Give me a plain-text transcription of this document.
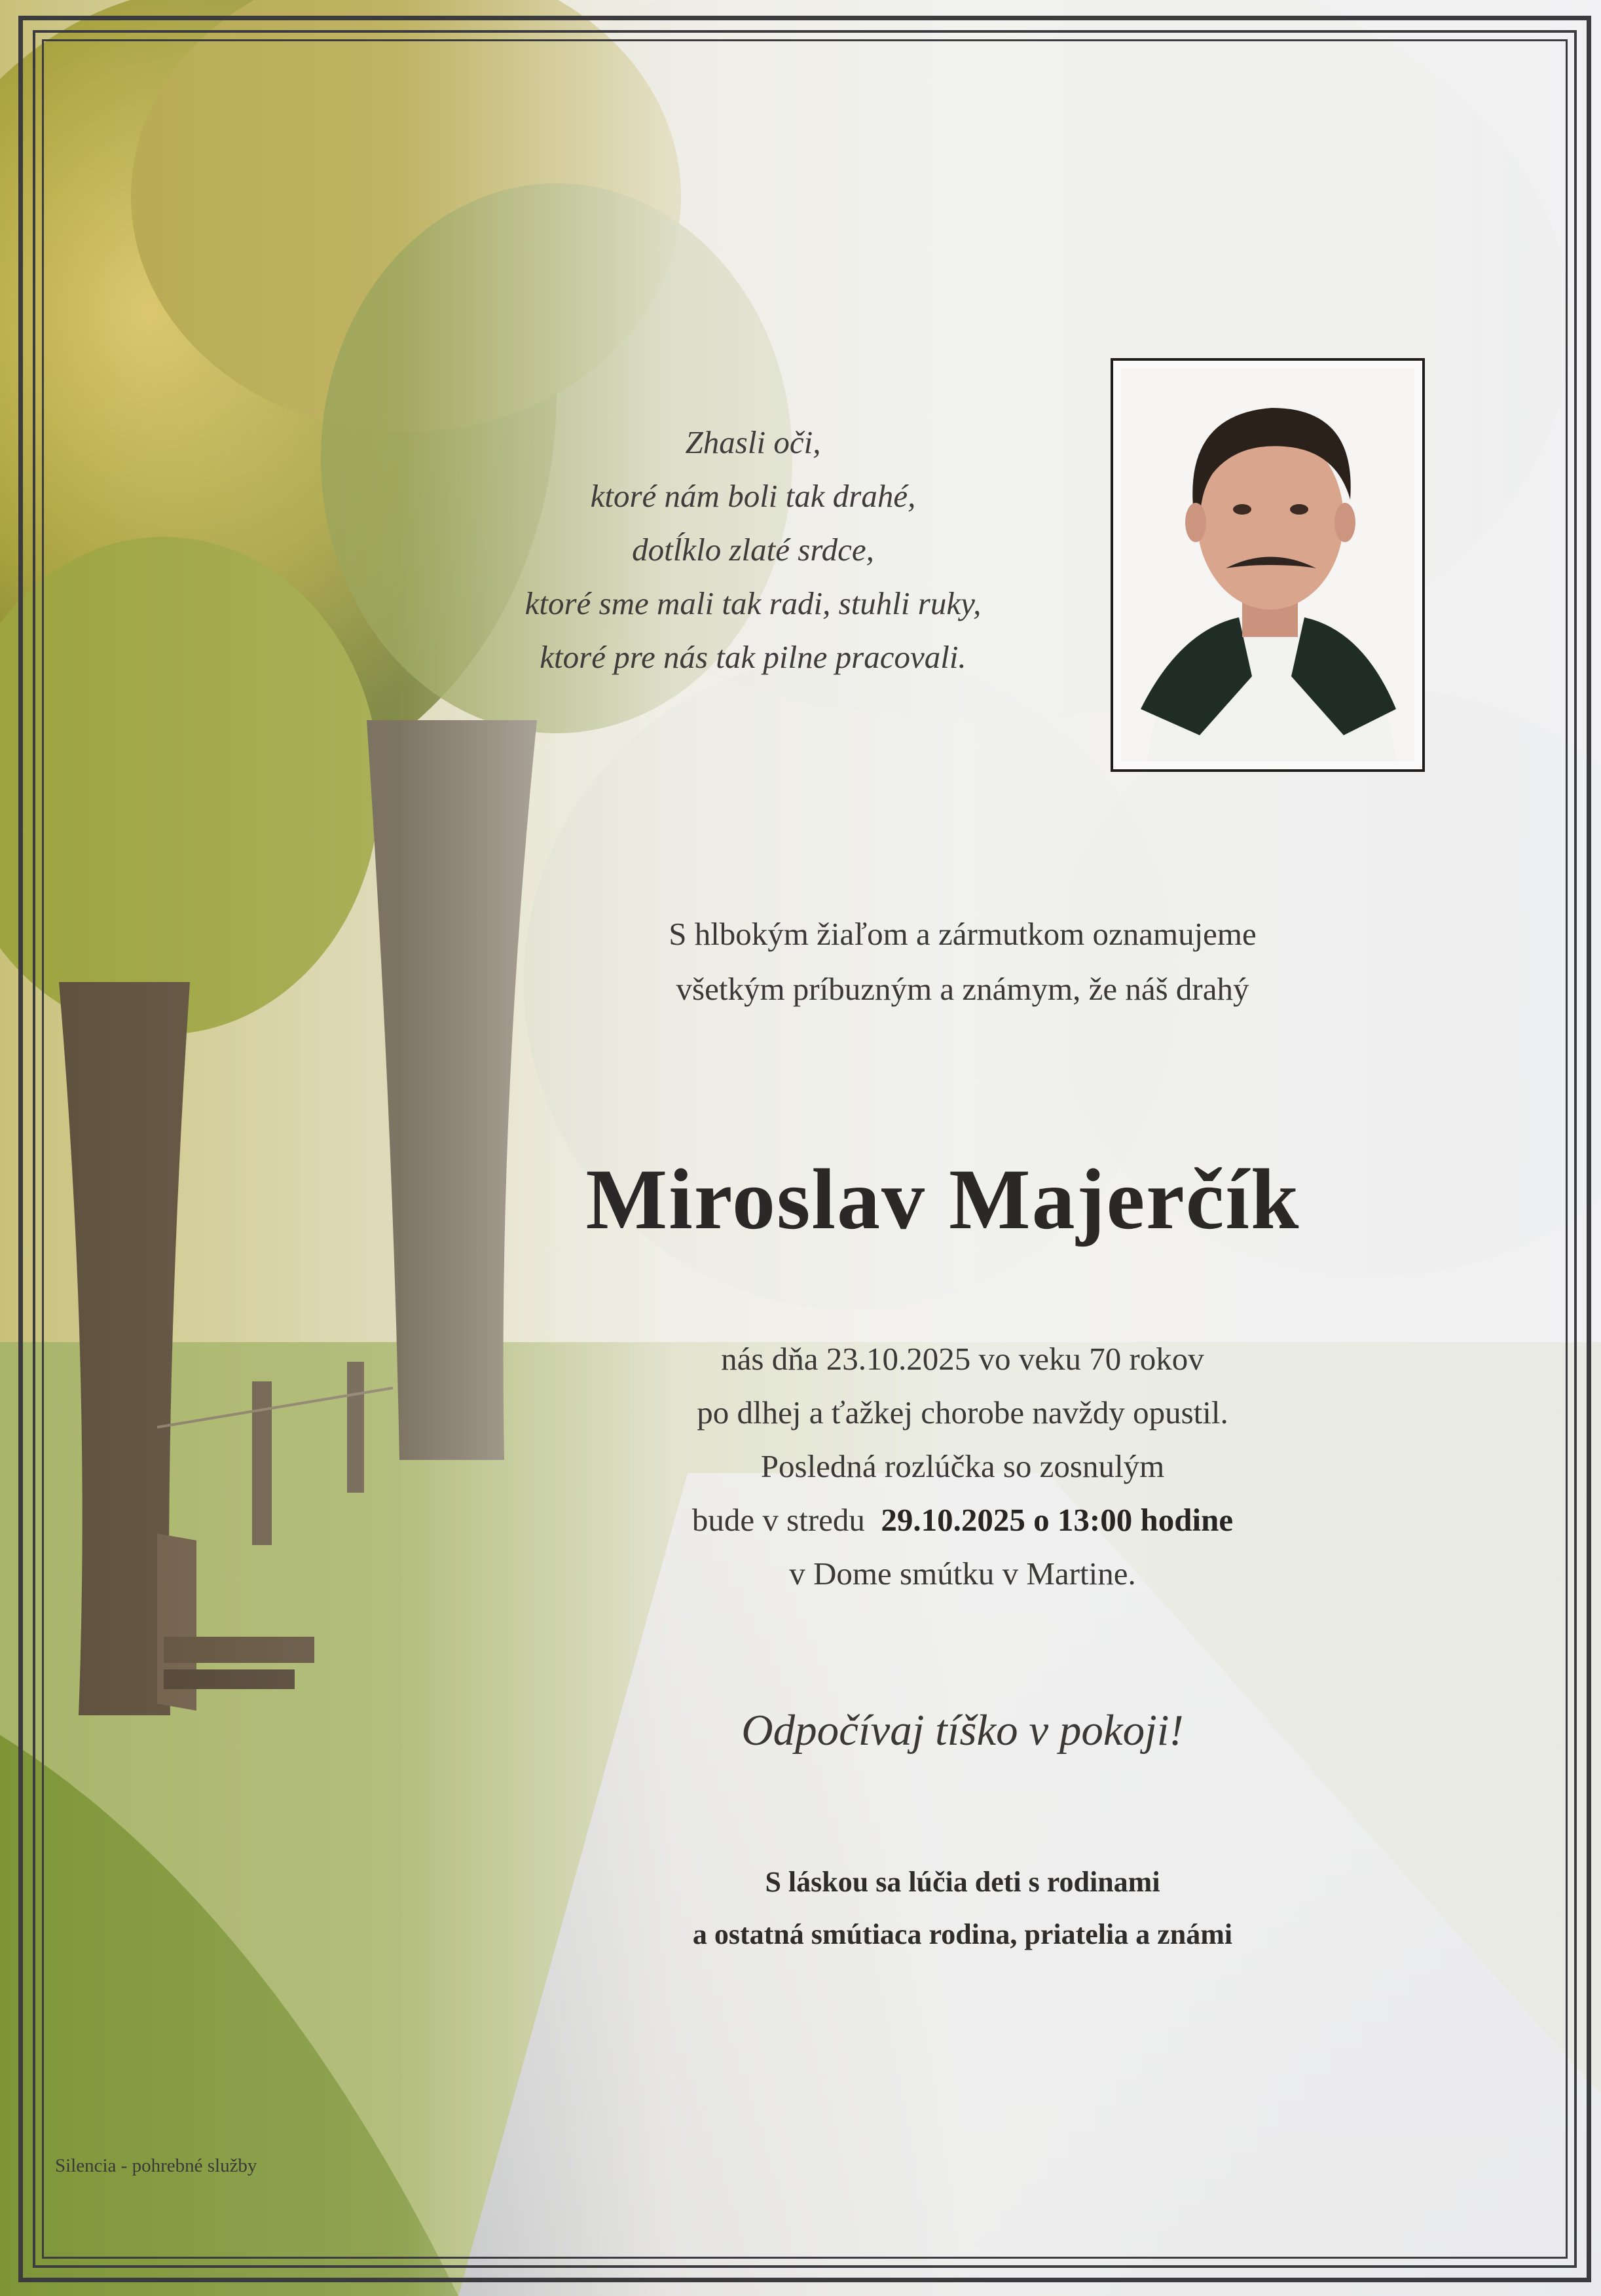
Zhasli oči,
ktoré nám boli tak drahé,
dotĺklo zlaté srdce,
ktoré sme mali tak radi, stuhli ruky,
ktoré pre nás tak pilne pracovali.
S hlbokým žiaľom a zármutkom oznamujeme
všetkým príbuzným a známym, že náš drahý
Miroslav Majerčík
nás dňa 23.10.2025 vo veku 70 rokov
po dlhej a ťažkej chorobe navždy opustil.
Posledná rozlúčka so zosnulým
bude v stredu 29.10.2025 o 13:00 hodine
v Dome smútku v Martine.
Odpočívaj tíško v pokoji!
S láskou sa lúčia deti s rodinami
a ostatná smútiaca rodina, priatelia a známi
Silencia - pohrebné služby
